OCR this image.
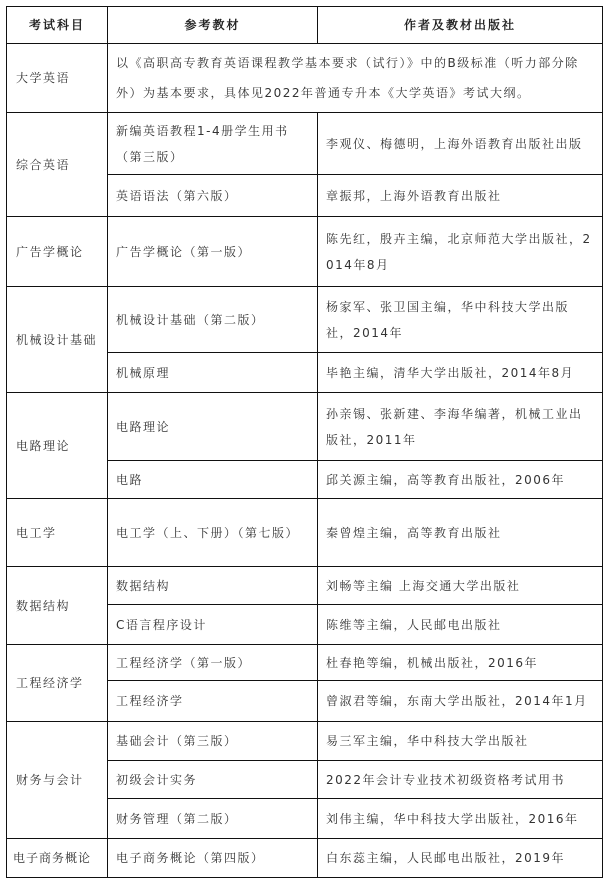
考试科目	参考教材	作者及教材出版社
大学英语	以《高职高专教育英语课程教学基本要求（试行）》中的B级标准（听力部分除外）为基本要求，具体见2022年普通专升本《大学英语》考试大纲。	
综合英语	新编英语教程1-4册学生用书（第三版）	李观仪、梅德明，上海外语教育出版社出版
	英语语法（第六版）	章振邦，上海外语教育出版社
广告学概论	广告学概论（第一版）	陈先红，殷卉主编，北京师范大学出版社，2014年8月
机械设计基础	机械设计基础（第二版）	杨家军、张卫国主编，华中科技大学出版社，2014年
	机械原理	毕艳主编，清华大学出版社，2014年8月
电路理论	电路理论	孙亲锡、张新建、李海华编著，机械工业出版社，2011年
	电路	邱关源主编，高等教育出版社，2006年
电工学	电工学（上、下册）（第七版）	秦曾煌主编，高等教育出版社
数据结构	数据结构	刘畅等主编 上海交通大学出版社
	C语言程序设计	陈维等主编，人民邮电出版社
工程经济学	工程经济学（第一版）	杜春艳等编，机械出版社，2016年
	工程经济学	曾淑君等编，东南大学出版社，2014年1月
财务与会计	基础会计（第三版）	易三军主编，华中科技大学出版社
	初级会计实务	2022年会计专业技术初级资格考试用书
	财务管理（第二版）	刘伟主编，华中科技大学出版社，2016年
电子商务概论	电子商务概论（第四版）	白东蕊主编，人民邮电出版社，2019年
